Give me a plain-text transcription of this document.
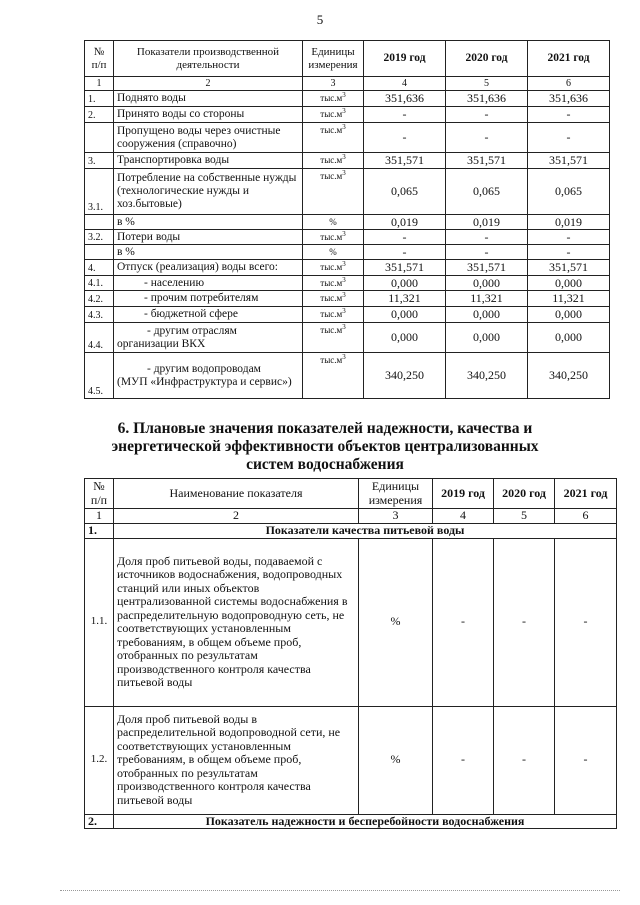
5
№ п/п	Показатели производственной деятельности	Единицы измерения	2019 год	2020 год	2021 год
1	2	3	4	5	6
1.	Поднято воды	$тыс.м^3$	351,636	351,636	351,636
2.	Принято воды со стороны	$тыс.м^3$	-	-	-
	Пропущено воды через очистные сооружения (справочно)	$тыс.м^3$	-	-	-
3.	Транспортировка воды	$тыс.м^3$	351,571	351,571	351,571
3.1.	Потребление на собственные нужды (технологические нужды и хоз.бытовые)	$тыс.м^3$	0,065	0,065	0,065
	в %	%	0,019	0,019	0,019
3.2.	Потери воды	$тыс.м^3$	-	-	-
	в %	%	-	-	-
4.	Отпуск (реализация) воды всего:	$тыс.м^3$	351,571	351,571	351,571
4.1.	- населению	$тыс.м^3$	0,000	0,000	0,000
4.2.	- прочим потребителям	$тыс.м^3$	11,321	11,321	11,321
4.3.	- бюджетной сфере	$тыс.м^3$	0,000	0,000	0,000
4.4.	- другим отраслям
организации ВКХ	$тыс.м^3$	0,000	0,000	0,000
4.5.	- другим водопроводам
(МУП «Инфраструктура и сервис»)	$тыс.м^3$	340,250	340,250	340,250
6. Плановые значения показателей надежности, качества и энергетической эффективности объектов централизованных систем водоснабжения
№ п/п	Наименование показателя	Единицы измерения	2019 год	2020 год	2021 год
1	2	3	4	5	6
1.	Показатели качества питьевой воды				
1.1.	Доля проб питьевой воды, подаваемой с источников водоснабжения, водопроводных станций или иных объектов централизованной системы водоснабжения в распределительную водопроводную сеть, не соответствующих установленным требованиям, в общем объеме проб, отобранных по результатам производственного контроля качества питьевой воды	%	-	-	-
1.2.	Доля проб питьевой воды в распределительной водопроводной сети, не соответствующих установленным требованиям, в общем объеме проб, отобранных по результатам производственного контроля качества питьевой воды	%	-	-	-
2.	Показатель надежности и бесперебойности водоснабжения				
